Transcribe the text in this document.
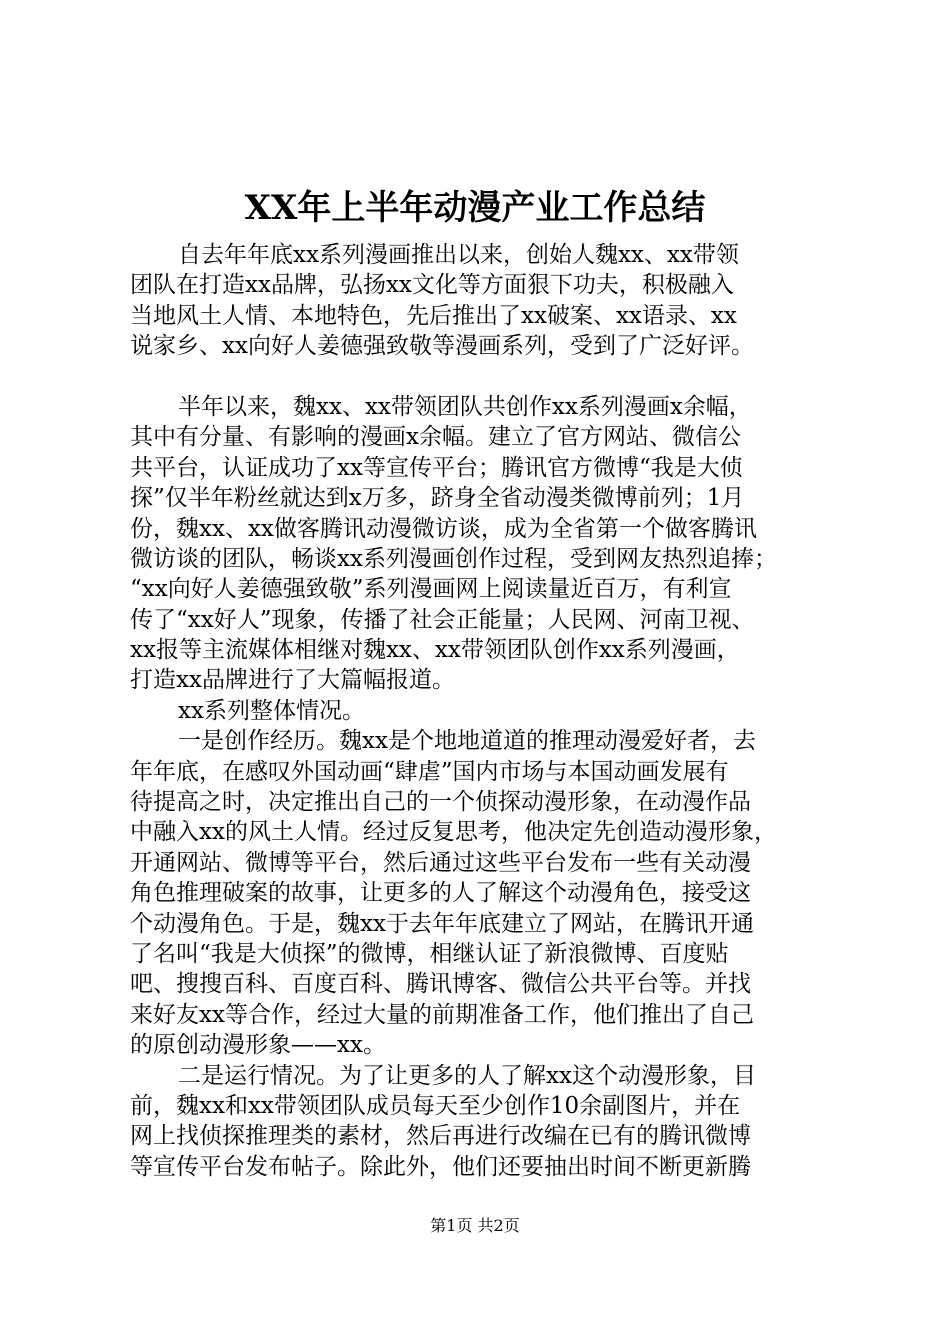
XX年上半年动漫产业工作总结
自去年年底xx系列漫画推出以来，创始人魏xx、xx带领
团队在打造xx品牌，弘扬xx文化等方面狠下功夫，积极融入
当地风土人情、本地特色，先后推出了xx破案、xx语录、xx
说家乡、xx向好人姜德强致敬等漫画系列，受到了广泛好评。
半年以来，魏xx、xx带领团队共创作xx系列漫画x余幅，
其中有分量、有影响的漫画x余幅。建立了官方网站、微信公
共平台，认证成功了xx等宣传平台；腾讯官方微博“我是大侦
探”仅半年粉丝就达到x万多，跻身全省动漫类微博前列；1月
份，魏xx、xx做客腾讯动漫微访谈，成为全省第一个做客腾讯
微访谈的团队，畅谈xx系列漫画创作过程，受到网友热烈追捧；
“xx向好人姜德强致敬”系列漫画网上阅读量近百万，有利宣
传了“xx好人”现象，传播了社会正能量；人民网、河南卫视、
xx报等主流媒体相继对魏xx、xx带领团队创作xx系列漫画，
打造xx品牌进行了大篇幅报道。
xx系列整体情况。
一是创作经历。魏xx是个地地道道的推理动漫爱好者，去
年年底，在感叹外国动画“肆虐”国内市场与本国动画发展有
待提高之时，决定推出自己的一个侦探动漫形象，在动漫作品
中融入xx的风土人情。经过反复思考，他决定先创造动漫形象，
开通网站、微博等平台，然后通过这些平台发布一些有关动漫
角色推理破案的故事，让更多的人了解这个动漫角色，接受这
个动漫角色。于是，魏xx于去年年底建立了网站，在腾讯开通
了名叫“我是大侦探”的微博，相继认证了新浪微博、百度贴
吧、搜搜百科、百度百科、腾讯博客、微信公共平台等。并找
来好友xx等合作，经过大量的前期准备工作，他们推出了自己
的原创动漫形象——xx。
二是运行情况。为了让更多的人了解xx这个动漫形象，目
前，魏xx和xx带领团队成员每天至少创作10余副图片，并在
网上找侦探推理类的素材，然后再进行改编在已有的腾讯微博
等宣传平台发布帖子。除此外，他们还要抽出时间不断更新腾
第1页 共2页
